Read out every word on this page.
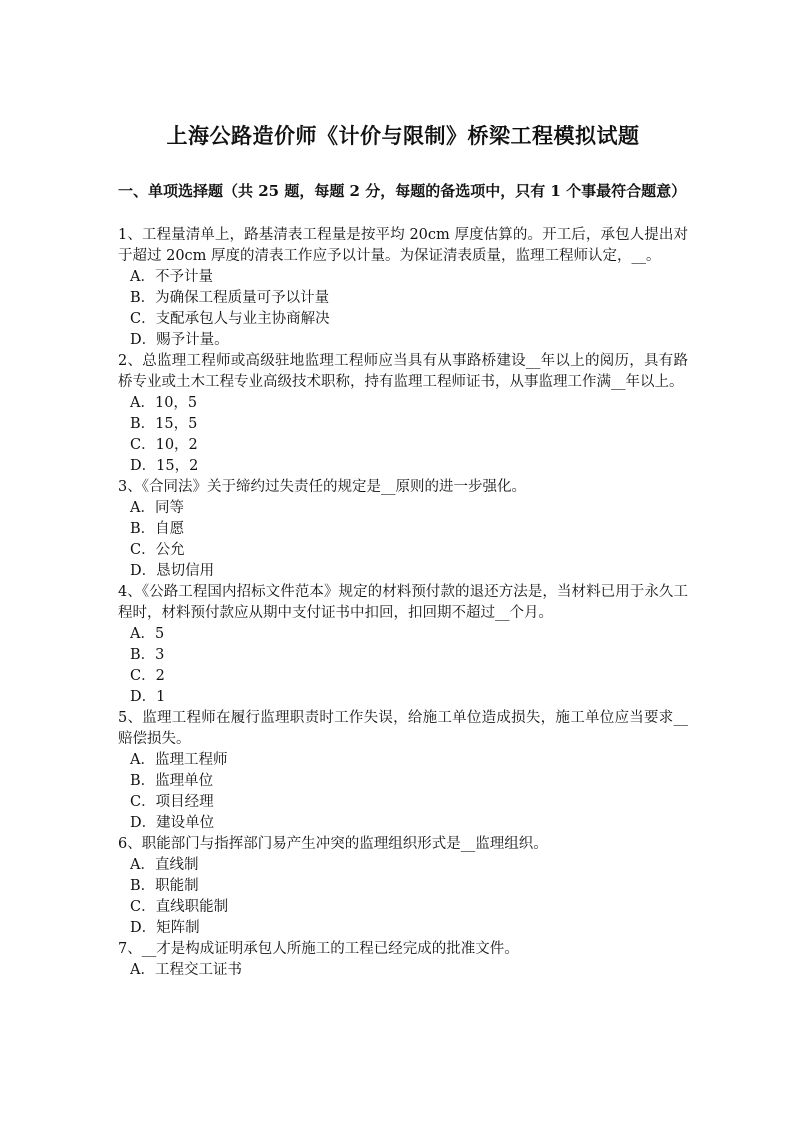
上海公路造价师《计价与限制》桥梁工程模拟试题
一、单项选择题（共 25 题，每题 2 分，每题的备选项中，只有 1 个事最符合题意）

1、工程量清单上，路基清表工程量是按平均 20cm 厚度估算的。开工后，承包人提出对于超过 20cm 厚度的清表工作应予以计量。为保证清表质量，监理工程师认定，__。

A．不予计量

B．为确保工程质量可予以计量

C．支配承包人与业主协商解决

D．赐予计量。

2、总监理工程师或高级驻地监理工程师应当具有从事路桥建设__年以上的阅历，具有路桥专业或土木工程专业高级技术职称，持有监理工程师证书，从事监理工作满__年以上。

A．10，5

B．15，5

C．10，2

D．15，2

3、《合同法》关于缔约过失责任的规定是__原则的进一步强化。

A．同等

B．自愿

C．公允

D．恳切信用

4、《公路工程国内招标文件范本》规定的材料预付款的退还方法是，当材料已用于永久工程时，材料预付款应从期中支付证书中扣回，扣回期不超过__个月。

A．5

B．3

C．2

D．1

5、监理工程师在履行监理职责时工作失误，给施工单位造成损失，施工单位应当要求__赔偿损失。

A．监理工程师

B．监理单位

C．项目经理

D．建设单位

6、职能部门与指挥部门易产生冲突的监理组织形式是__监理组织。

A．直线制

B．职能制

C．直线职能制

D．矩阵制

7、__才是构成证明承包人所施工的工程已经完成的批准文件。

A．工程交工证书
